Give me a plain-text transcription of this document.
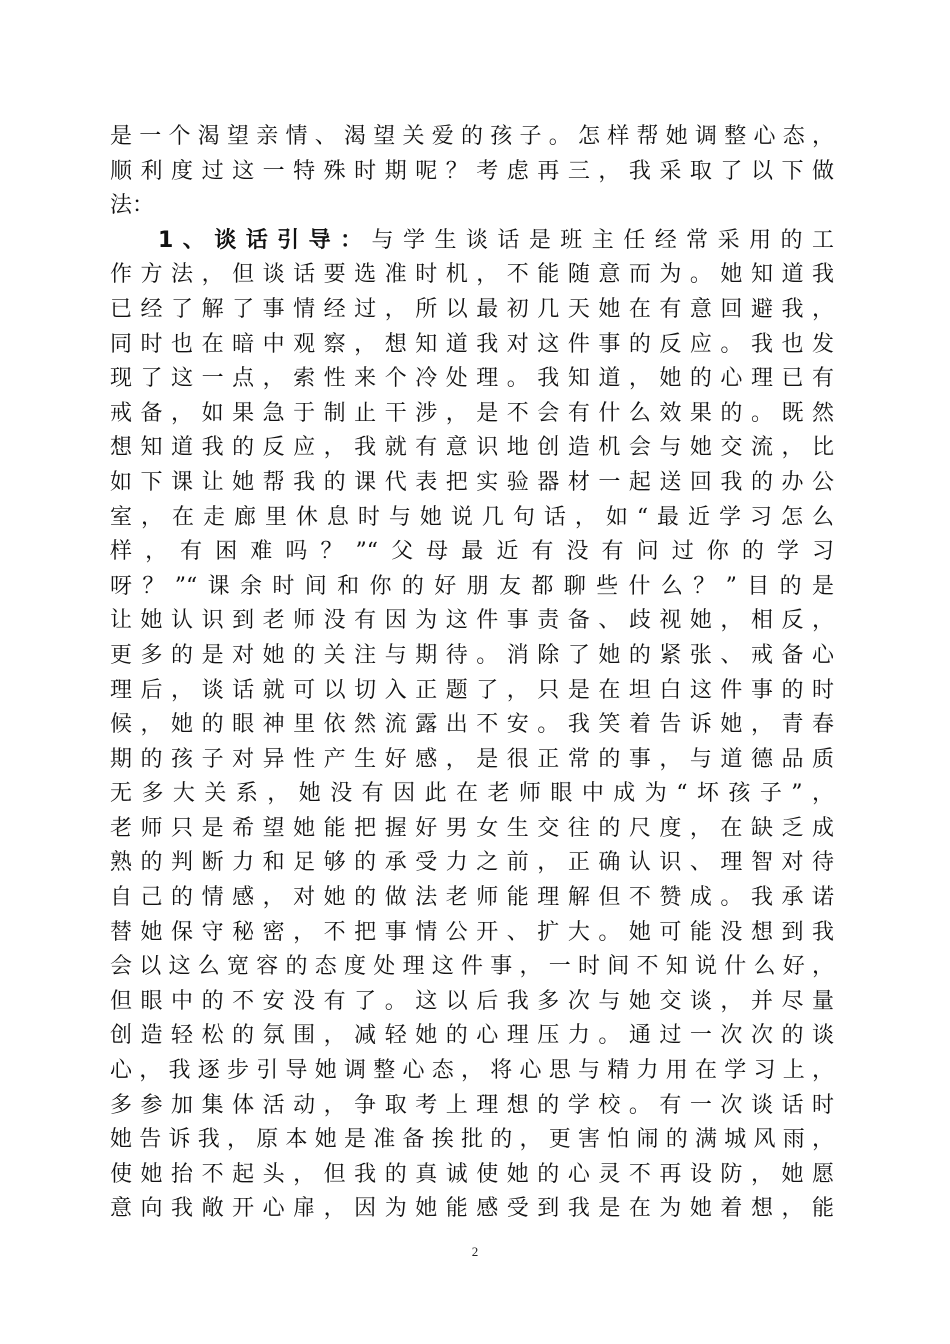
是一个渴望亲情、渴望关爱的孩子。怎样帮她调整心态，
顺利度过这一特殊时期呢？考虑再三，我采取了以下做
法：
1、谈话引导：与学生谈话是班主任经常采用的工
作方法，但谈话要选准时机，不能随意而为。她知道我
已经了解了事情经过，所以最初几天她在有意回避我，
同时也在暗中观察，想知道我对这件事的反应。我也发
现了这一点，索性来个冷处理。我知道，她的心理已有
戒备，如果急于制止干涉，是不会有什么效果的。既然
想知道我的反应，我就有意识地创造机会与她交流，比
如下课让她帮我的课代表把实验器材一起送回我的办公
室，在走廊里休息时与她说几句话，如“最近学习怎么
样，有困难吗？”“父母最近有没有问过你的学习
呀？”“课余时间和你的好朋友都聊些什么？”目的是
让她认识到老师没有因为这件事责备、歧视她，相反，
更多的是对她的关注与期待。消除了她的紧张、戒备心
理后，谈话就可以切入正题了，只是在坦白这件事的时
候，她的眼神里依然流露出不安。我笑着告诉她，青春
期的孩子对异性产生好感，是很正常的事，与道德品质
无多大关系，她没有因此在老师眼中成为“坏孩子”，
老师只是希望她能把握好男女生交往的尺度，在缺乏成
熟的判断力和足够的承受力之前，正确认识、理智对待
自己的情感，对她的做法老师能理解但不赞成。我承诺
替她保守秘密，不把事情公开、扩大。她可能没想到我
会以这么宽容的态度处理这件事，一时间不知说什么好，
但眼中的不安没有了。这以后我多次与她交谈，并尽量
创造轻松的氛围，减轻她的心理压力。通过一次次的谈
心，我逐步引导她调整心态，将心思与精力用在学习上，
多参加集体活动，争取考上理想的学校。有一次谈话时
她告诉我，原本她是准备挨批的，更害怕闹的满城风雨，
使她抬不起头，但我的真诚使她的心灵不再设防，她愿
意向我敞开心扉，因为她能感受到我是在为她着想，能
2
